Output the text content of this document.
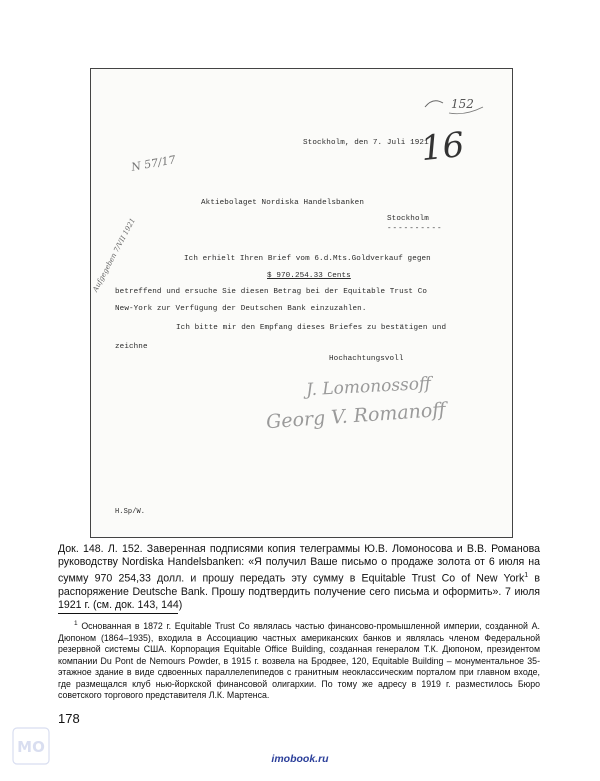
152
16
N 57/17
Aufgegeben 7/VII 1921
Stockholm, den 7. Juli 1921
Aktiebolaget Nordiska Handelsbanken
Stockholm
----------
Ich erhielt Ihren Brief vom 6.d.Mts.Goldverkauf gegen
$ 970.254.33 Cents
betreffend und ersuche Sie diesen Betrag bei der Equitable Trust Co
New-York zur Verfügung der Deutschen Bank einzuzahlen.
Ich bitte mir den Empfang dieses Briefes zu bestätigen und
zeichne
Hochachtungsvoll
J. Lomonossoff
Georg V. Romanoff
H.Sp/W.
Док. 148. Л. 152. Заверенная подписями копия телеграммы Ю.В. Ломоносова и В.В. Романова руководству Nordiska Handelsbanken: «Я получил Ваше письмо о продаже золота от 6 июля на сумму 970 254,33 долл. и прошу передать эту сумму в Equitable Trust Co of New York$^1$ в распоряжение Deutsche Bank. Прошу подтвердить получение сего письма и оформить». 7 июля 1921 г. (см. док. 143, 144)
$^1$ Основанная в 1872 г. Equitable Trust Co являлась частью финансово-промышленной империи, созданной А. Дюпоном (1864–1935), входила в Ассоциацию частных американских банков и являлась членом Федеральной резервной системы США. Корпорация Equitable Office Building, созданная генералом Т.К. Дюпоном, президентом компании Du Pont de Nemours Powder, в 1915 г. возвела на Бродвее, 120, Equitable Building – монументальное 35-этажное здание в виде сдвоенных параллелепипедов с гранитным неоклассическим порталом при главном входе, где размещался клуб нью-йоркской финансовой олигархии. По тому же адресу в 1919 г. разместилось Бюро советского торгового представителя Л.К. Мартенса.
178
MO
imobook.ru
